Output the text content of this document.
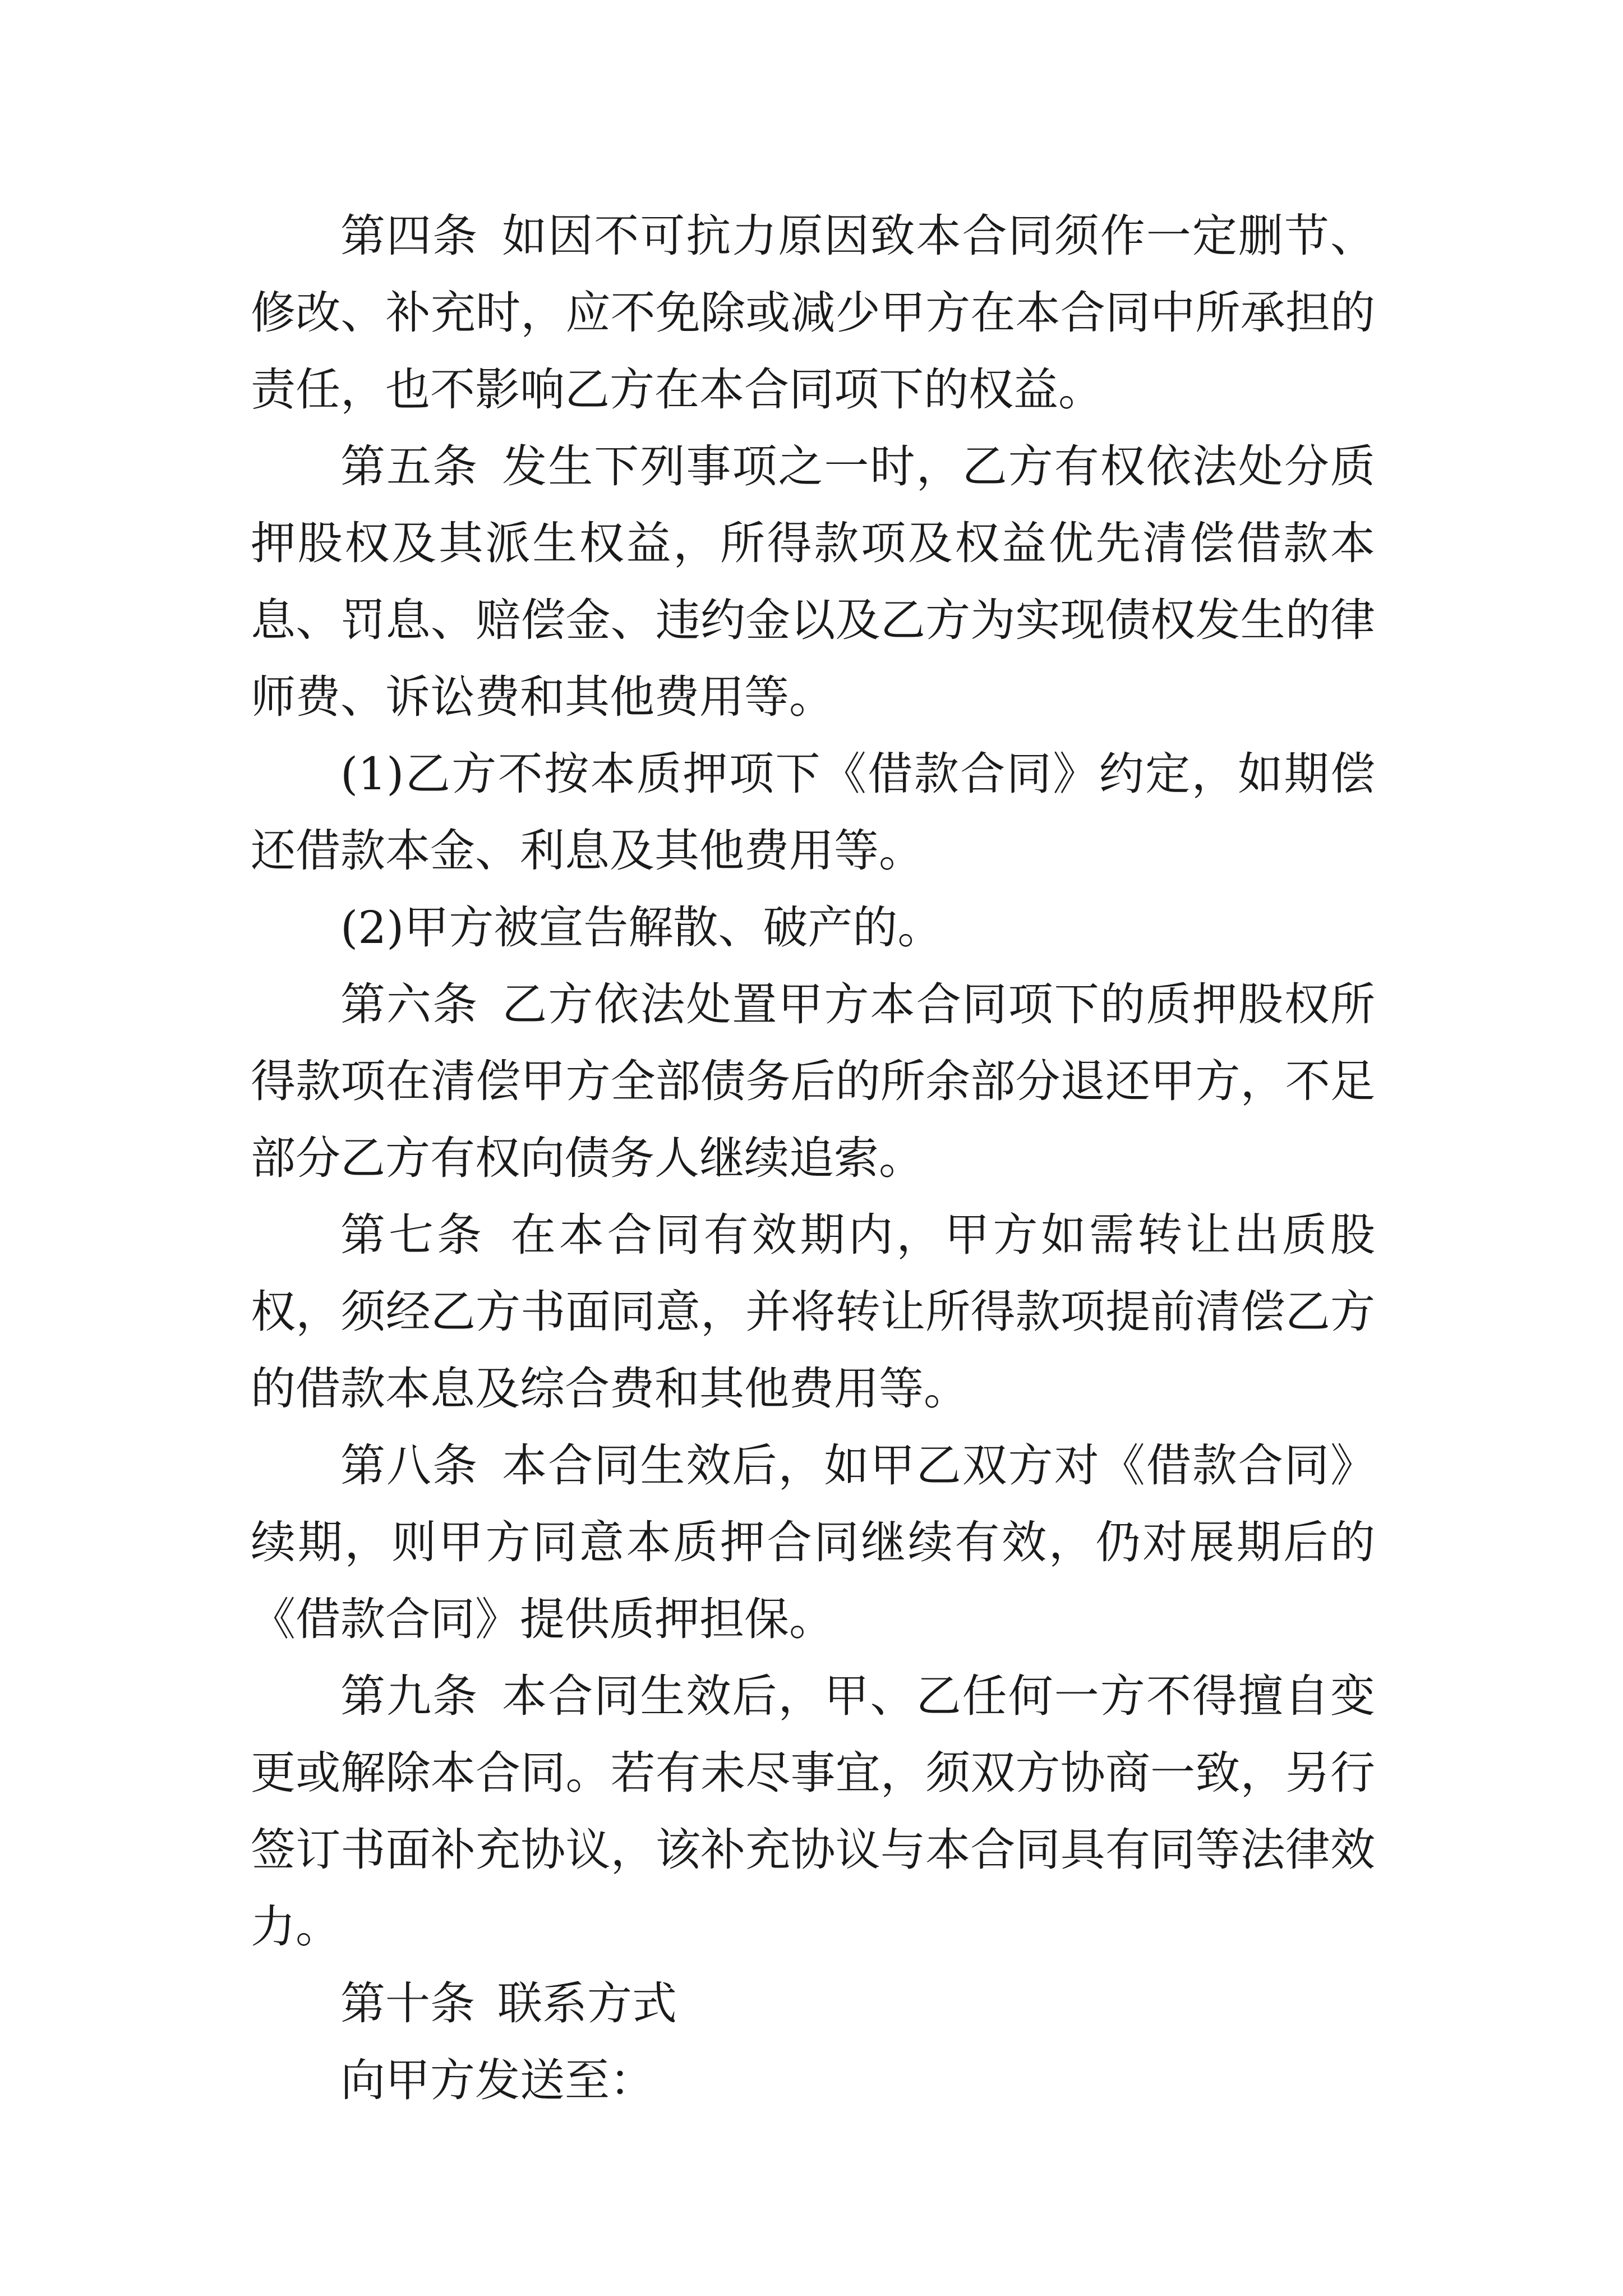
第四条 如因不可抗力原因致本合同须作一定删节、修改、补充时，应不免除或减少甲方在本合同中所承担的责任，也不影响乙方在本合同项下的权益。

第五条 发生下列事项之一时，乙方有权依法处分质押股权及其派生权益，所得款项及权益优先清偿借款本息、罚息、赔偿金、违约金以及乙方为实现债权发生的律师费、诉讼费和其他费用等。

(1)乙方不按本质押项下《借款合同》约定，如期偿还借款本金、利息及其他费用等。

(2)甲方被宣告解散、破产的。

第六条 乙方依法处置甲方本合同项下的质押股权所得款项在清偿甲方全部债务后的所余部分退还甲方，不足部分乙方有权向债务人继续追索。

第七条 在本合同有效期内，甲方如需转让出质股权，须经乙方书面同意，并将转让所得款项提前清偿乙方的借款本息及综合费和其他费用等。

第八条 本合同生效后，如甲乙双方对《借款合同》续期，则甲方同意本质押合同继续有效，仍对展期后的《借款合同》提供质押担保。

第九条 本合同生效后，甲、乙任何一方不得擅自变更或解除本合同。若有未尽事宜，须双方协商一致，另行签订书面补充协议，该补充协议与本合同具有同等法律效力。

第十条 联系方式

向甲方发送至：
